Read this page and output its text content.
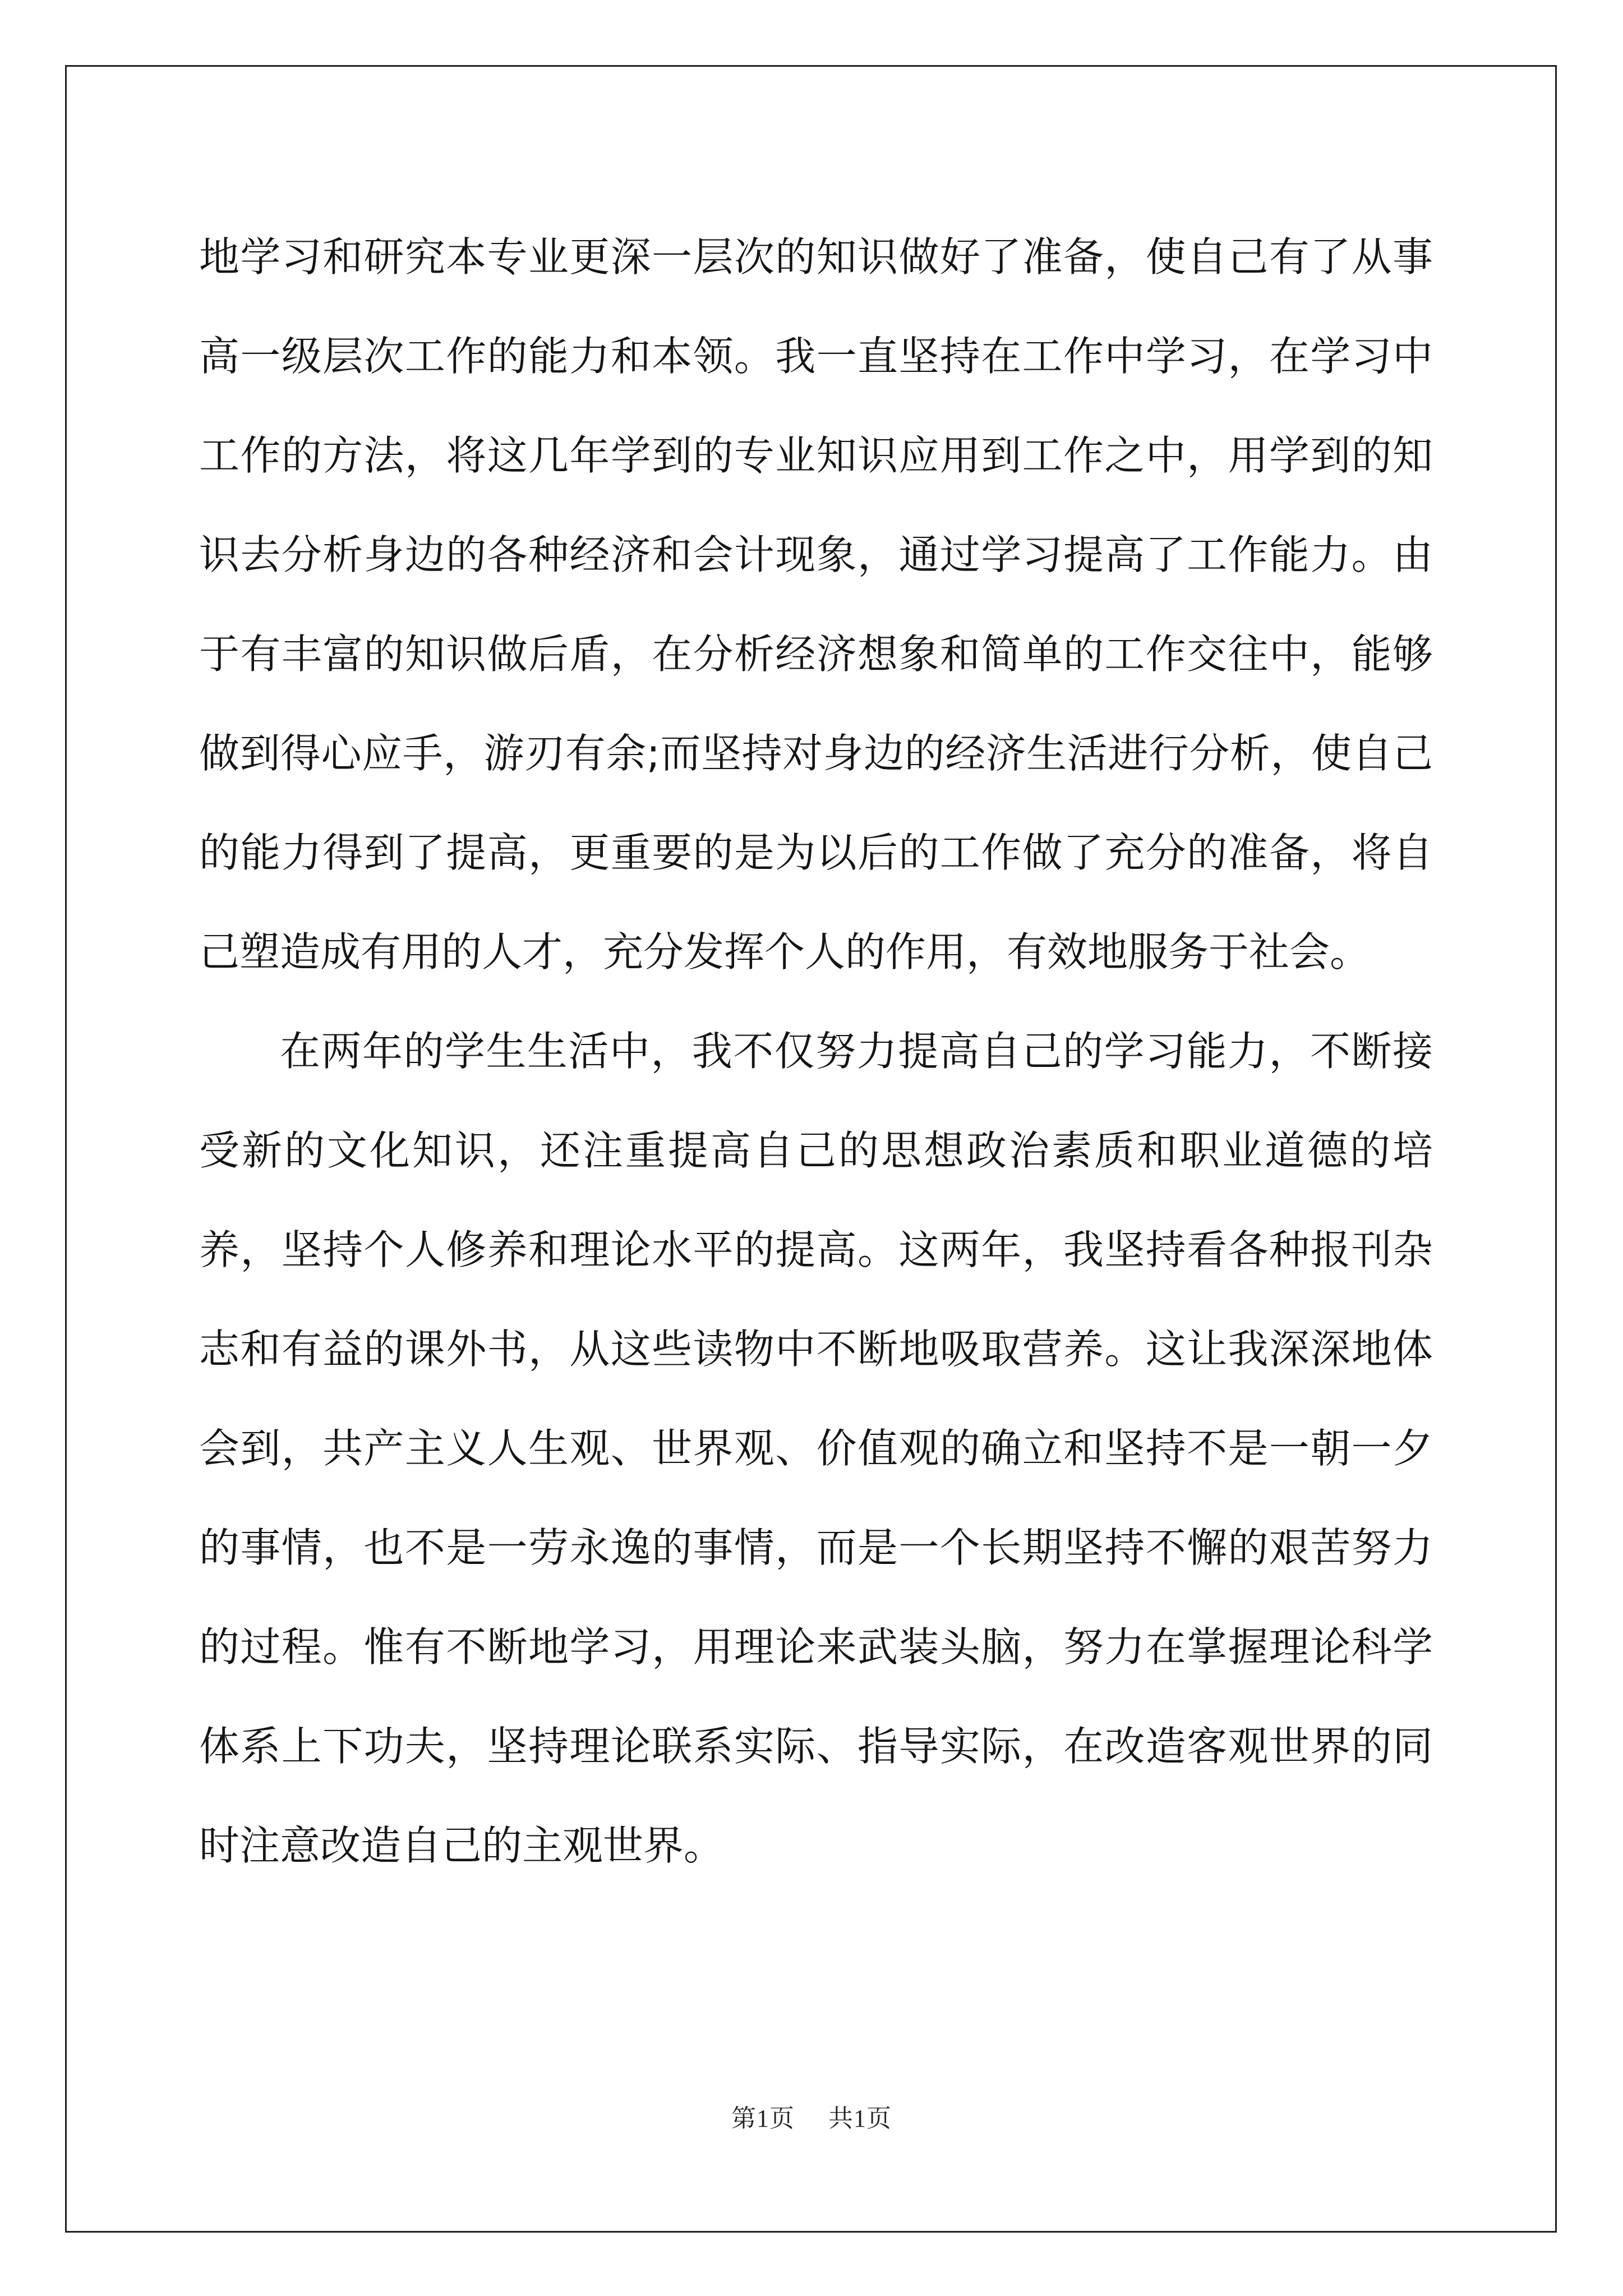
地学习和研究本专业更深一层次的知识做好了准备，使自己有了从事高一级层次工作的能力和本领。我一直坚持在工作中学习，在学习中工作的方法，将这几年学到的专业知识应用到工作之中，用学到的知识去分析身边的各种经济和会计现象，通过学习提高了工作能力。由于有丰富的知识做后盾，在分析经济想象和简单的工作交往中，能够做到得心应手，游刃有余;而坚持对身边的经济生活进行分析，使自己的能力得到了提高，更重要的是为以后的工作做了充分的准备，将自己塑造成有用的人才，充分发挥个人的作用，有效地服务于社会。

在两年的学生生活中，我不仅努力提高自己的学习能力，不断接受新的文化知识，还注重提高自己的思想政治素质和职业道德的培养，坚持个人修养和理论水平的提高。这两年，我坚持看各种报刊杂志和有益的课外书，从这些读物中不断地吸取营养。这让我深深地体会到，共产主义人生观、世界观、价值观的确立和坚持不是一朝一夕的事情，也不是一劳永逸的事情，而是一个长期坚持不懈的艰苦努力的过程。惟有不断地学习，用理论来武装头脑，努力在掌握理论科学体系上下功夫，坚持理论联系实际、指导实际，在改造客观世界的同时注意改造自己的主观世界。

第1页 共1页
